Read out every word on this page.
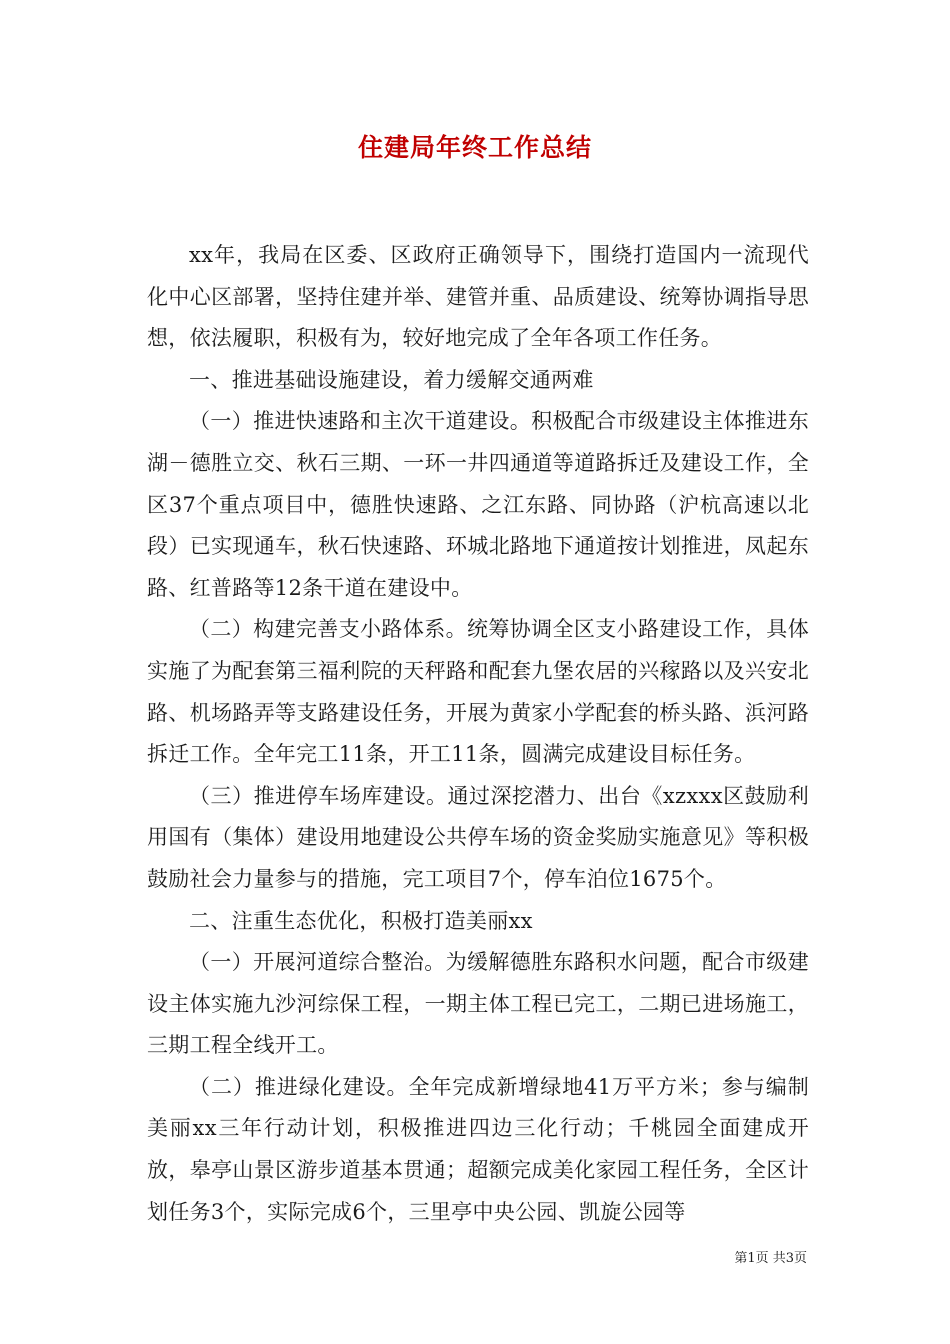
住建局年终工作总结

xx年，我局在区委、区政府正确领导下，围绕打造国内一流现代化中心区部署，坚持住建并举、建管并重、品质建设、统筹协调指导思想，依法履职，积极有为，较好地完成了全年各项工作任务。

一、推进基础设施建设，着力缓解交通两难

（一）推进快速路和主次干道建设。积极配合市级建设主体推进东湖－德胜立交、秋石三期、一环一井四通道等道路拆迁及建设工作，全区37个重点项目中，德胜快速路、之江东路、同协路（沪杭高速以北段）已实现通车，秋石快速路、环城北路地下通道按计划推进，凤起东路、红普路等12条干道在建设中。

（二）构建完善支小路体系。统筹协调全区支小路建设工作，具体实施了为配套第三福利院的天秤路和配套九堡农居的兴稼路以及兴安北路、机场路弄等支路建设任务，开展为黄家小学配套的桥头路、浜河路拆迁工作。全年完工11条，开工11条，圆满完成建设目标任务。

（三）推进停车场库建设。通过深挖潜力、出台《xzxxx区鼓励利用国有（集体）建设用地建设公共停车场的资金奖励实施意见》等积极鼓励社会力量参与的措施，完工项目7个，停车泊位1675个。

二、注重生态优化，积极打造美丽xx

（一）开展河道综合整治。为缓解德胜东路积水问题，配合市级建设主体实施九沙河综保工程，一期主体工程已完工，二期已进场施工，三期工程全线开工。

（二）推进绿化建设。全年完成新增绿地41万平方米；参与编制美丽xx三年行动计划，积极推进四边三化行动；千桃园全面建成开放，皋亭山景区游步道基本贯通；超额完成美化家园工程任务，全区计划任务3个，实际完成6个，三里亭中央公园、凯旋公园等

第1页 共3页
